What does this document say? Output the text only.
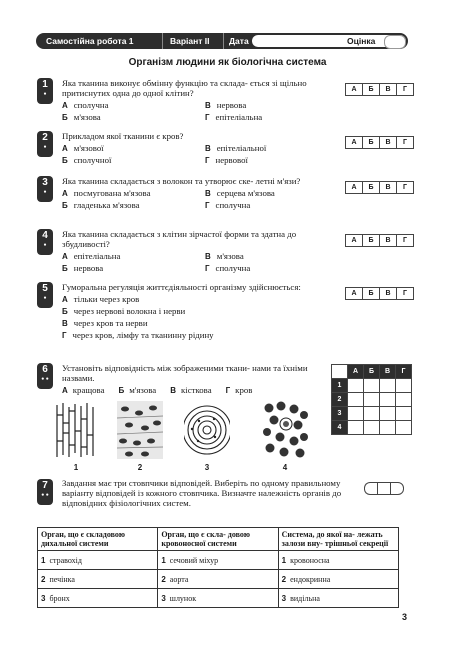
Самостійна робота 1	Варіант ІІ Дата	Оцінка
Організм людини як біологічна система
1
●
Яка тканина виконує обмінну функцію та склада- ється зі щільно притиснутих одна до одної клітин?
А сполучна	В нервова
Б м'язова	Г епітеліальна
А	Б	В	Г
2
●
Прикладом якої тканини є кров?
А м'язової	В епітеліальної
Б сполучної	Г нервової
А	Б	В	Г
3
●
Яка тканина складається з волокон та утворює ске- летні м'язи?
А посмугована м'язова	В серцева м'язова
Б гладенька м'язова	Г сполучна
А	Б	В	Г
4
●
Яка тканина складається з клітин зірчастої форми та здатна до збудливості?
А епітеліальна	В м'язова
Б нервова	Г сполучна
А	Б	В	Г
5
●
Гуморальна регуляція життєдіяльності організму здійснюється:
А тільки через кров
Б через нервові волокна і нерви
В через кров та нерви
Г через кров, лімфу та тканинну рідину
А	Б	В	Г
6
● ●
Установіть відповідність між зображеними ткани- нами та їхніми назвами.
А кращова Б м'язова В кісткова Г кров
1	2	3	4
	А	Б	В	Г
1				
2				
3				
4				
7
● ●
Завдання має три стовпчики відповідей. Виберіть по одному правильному варіанту відповідей із кожного стовпчика. Визначте належність органів до відповідних фізіологічних систем.
Орган, що є складовою дихальної системи	Орган, що є скла- довою кровоносної системи	Система, до якої на- лежать залози вну- трішньої секреції
1 стравохід	1 сечовий міхур	1 кровоносна
2 печінка	2 аорта	2 ендокринна
3 бронх	3 шлунок	3 видільна
3
